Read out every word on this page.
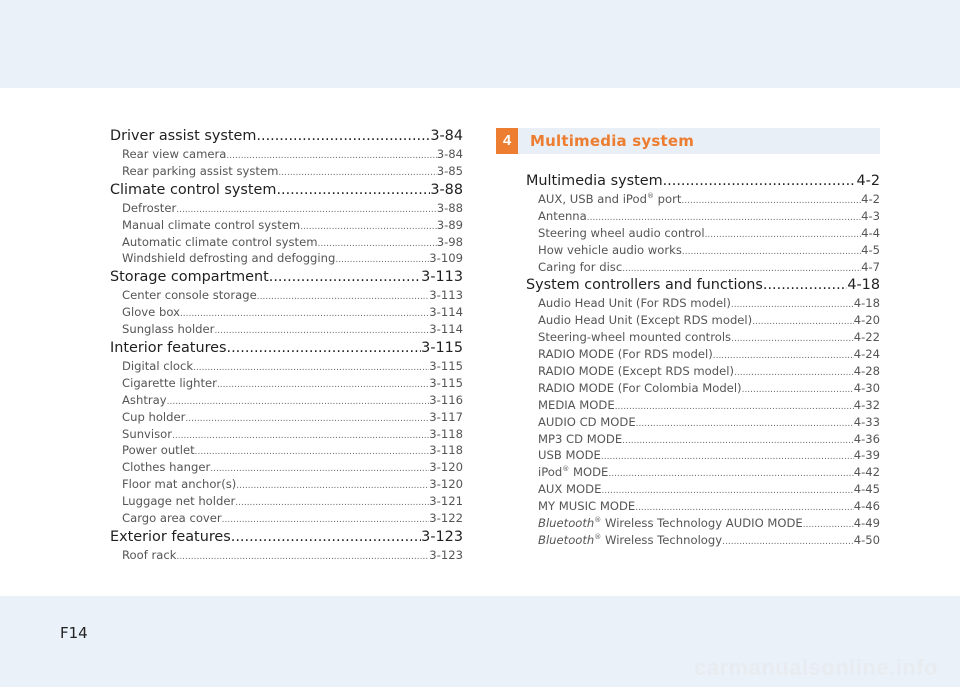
Driver assist system .....	3-84
Rear view camera .....	3-84
Rear parking assist system .....	3-85
Climate control system .....	3-88
Defroster .....	3-88
Manual climate control system .....	3-89
Automatic climate control system .....	3-98
Windshield defrosting and defogging .....	3-109
Storage compartment .....	3-113
Center console storage .....	3-113
Glove box .....	3-114
Sunglass holder .....	3-114
Interior features .....	3-115
Digital clock .....	3-115
Cigarette lighter .....	3-115
Ashtray .....	3-116
Cup holder .....	3-117
Sunvisor .....	3-118
Power outlet .....	3-118
Clothes hanger .....	3-120
Floor mat anchor(s) .....	3-120
Luggage net holder .....	3-121
Cargo area cover .....	3-122
Exterior features .....	3-123
Roof rack .....	3-123
4	Multimedia system
Multimedia system .....	4-2
AUX, USB and iPod® port .....	4-2
Antenna .....	4-3
Steering wheel audio control .....	4-4
How vehicle audio works .....	4-5
Caring for disc .....	4-7
System controllers and functions .....	4-18
Audio Head Unit (For RDS model) .....	4-18
Audio Head Unit (Except RDS model) .....	4-20
Steering-wheel mounted controls .....	4-22
RADIO MODE (For RDS model) .....	4-24
RADIO MODE (Except RDS model) .....	4-28
RADIO MODE (For Colombia Model) .....	4-30
MEDIA MODE .....	4-32
AUDIO CD MODE .....	4-33
MP3 CD MODE .....	4-36
USB MODE .....	4-39
iPod® MODE .....	4-42
AUX MODE .....	4-45
MY MUSIC MODE .....	4-46
Bluetooth® Wireless Technology AUDIO MODE .....	4-49
Bluetooth® Wireless Technology .....	4-50
F14
carmanualsonline.info
